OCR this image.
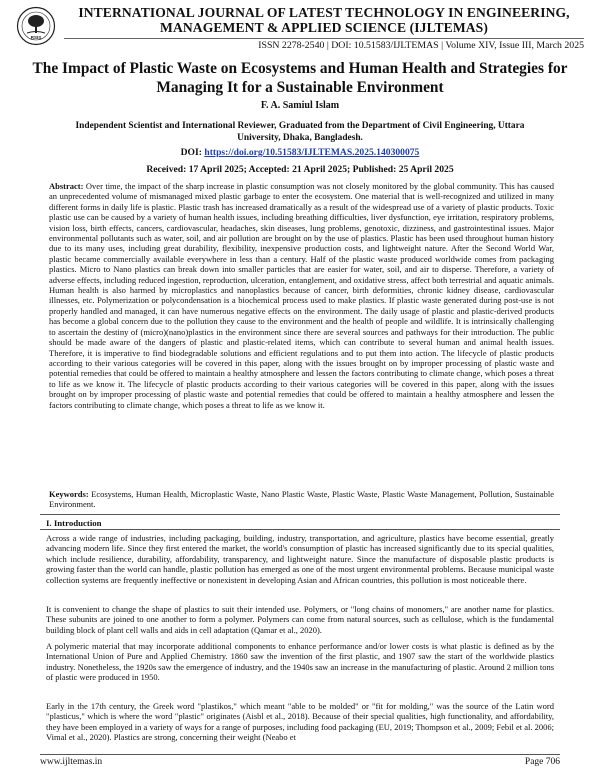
RSIS
INTERNATIONAL JOURNAL OF LATEST TECHNOLOGY IN ENGINEERING, MANAGEMENT & APPLIED SCIENCE (IJLTEMAS)
ISSN 2278-2540 | DOI: 10.51583/IJLTEMAS | Volume XIV, Issue III, March 2025
The Impact of Plastic Waste on Ecosystems and Human Health and Strategies for Managing It for a Sustainable Environment
F. A. Samiul Islam
Independent Scientist and International Reviewer, Graduated from the Department of Civil Engineering, Uttara University, Dhaka, Bangladesh.
DOI: https://doi.org/10.51583/IJLTEMAS.2025.140300075
Received: 17 April 2025; Accepted: 21 April 2025; Published: 25 April 2025

Abstract: Over time, the impact of the sharp increase in plastic consumption was not closely monitored by the global community. This has caused an unprecedented volume of mismanaged mixed plastic garbage to enter the ecosystem. One material that is well-recognized and utilized in many different forms in daily life is plastic. Plastic trash has increased dramatically as a result of the widespread use of a variety of plastic products. Toxic plastic use can be caused by a variety of human health issues, including breathing difficulties, liver dysfunction, eye irritation, respiratory problems, vision loss, birth effects, cancers, cardiovascular, headaches, skin diseases, lung problems, genotoxic, dizziness, and gastrointestinal issues. Major environmental pollutants such as water, soil, and air pollution are brought on by the use of plastics. Plastic has been used throughout human history due to its many uses, including great durability, flexibility, inexpensive production costs, and lightweight nature. After the Second World War, plastic became commercially available everywhere in less than a century. Half of the plastic waste produced worldwide comes from packaging plastics. Micro to Nano plastics can break down into smaller particles that are easier for water, soil, and air to disperse. Therefore, a variety of adverse effects, including reduced ingestion, reproduction, ulceration, entanglement, and oxidative stress, affect both terrestrial and aquatic animals. Human health is also harmed by microplastics and nanoplastics because of cancer, birth deformities, chronic kidney disease, cardiovascular illnesses, etc. Polymerization or polycondensation is a biochemical process used to make plastics. If plastic waste generated during post-use is not properly handled and managed, it can have numerous negative effects on the environment. The daily usage of plastic and plastic-derived products has become a global concern due to the pollution they cause to the environment and the health of people and wildlife. It is intrinsically challenging to ascertain the destiny of (micro)(nano)plastics in the environment since there are several sources and pathways for their introduction. The public should be made aware of the dangers of plastic and plastic-related items, which can contribute to several human and animal health issues. Therefore, it is imperative to find biodegradable solutions and efficient regulations and to put them into action. The lifecycle of plastic products according to their various categories will be covered in this paper, along with the issues brought on by improper processing of plastic waste and potential remedies that could be offered to maintain a healthy atmosphere and lessen the factors contributing to climate change, which poses a threat to life as we know it. The lifecycle of plastic products according to their various categories will be covered in this paper, along with the issues brought on by improper processing of plastic waste and potential remedies that could be offered to maintain a healthy atmosphere and lessen the factors contributing to climate change, which poses a threat to life as we know it.

Keywords: Ecosystems, Human Health, Microplastic Waste, Nano Plastic Waste, Plastic Waste, Plastic Waste Management, Pollution, Sustainable Environment.

I. Introduction

Across a wide range of industries, including packaging, building, industry, transportation, and agriculture, plastics have become essential, greatly advancing modern life. Since they first entered the market, the world's consumption of plastic has increased significantly due to its special qualities, which include resilience, durability, affordability, transparency, and lightweight nature. Since the manufacture of disposable plastic products is growing faster than the world can handle, plastic pollution has emerged as one of the most urgent environmental problems. Because municipal waste collection systems are frequently ineffective or nonexistent in developing Asian and African countries, this pollution is most noticeable there.

It is convenient to change the shape of plastics to suit their intended use. Polymers, or "long chains of monomers," are another name for plastics. These subunits are joined to one another to form a polymer. Polymers can come from natural sources, such as cellulose, which is the fundamental building block of plant cell walls and aids in cell adaptation (Qamar et al., 2020).

A polymeric material that may incorporate additional components to enhance performance and/or lower costs is what plastic is defined as by the International Union of Pure and Applied Chemistry. 1860 saw the invention of the first plastic, and 1907 saw the start of the worldwide plastics industry. Nonetheless, the 1920s saw the emergence of industry, and the 1940s saw an increase in the manufacturing of plastic. Around 2 million tons of plastic were produced in 1950.

Early in the 17th century, the Greek word "plastikos," which meant "able to be molded" or "fit for molding," was the source of the Latin word "plasticus," which is where the word "plastic" originates (Aisbl et al., 2018). Because of their special qualities, high functionality, and affordability, they have been employed in a variety of ways for a range of purposes, including food packaging (EU, 2019; Thompson et al., 2009; Febil et al. 2006; Vimal et al., 2020). Plastics are strong, concerning their weight (Neabo et

www.ijltemas.in	Page 706
